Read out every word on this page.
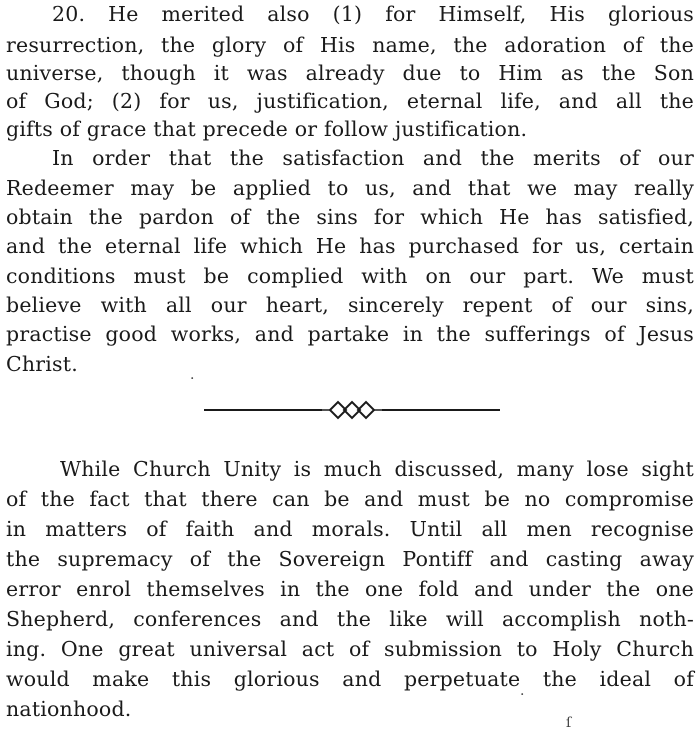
20. He merited also (1) for Himself, His glorious
resurrection, the glory of His name, the adoration of the
universe, though it was already due to Him as the Son
of God; (2) for us, justification, eternal life, and all the
gifts of grace that precede or follow justification.
In order that the satisfaction and the merits of our
Redeemer may be applied to us, and that we may really
obtain the pardon of the sins for which He has satisfied,
and the eternal life which He has purchased for us, certain
conditions must be complied with on our part. We must
believe with all our heart, sincerely repent of our sins,
practise good works, and partake in the sufferings of Jesus
Christ.
While Church Unity is much discussed, many lose sight
of the fact that there can be and must be no compromise
in matters of faith and morals. Until all men recognise
the supremacy of the Sovereign Pontiff and casting away
error enrol themselves in the one fold and under the one
Shepherd, conferences and the like will accomplish noth-
ing. One great universal act of submission to Holy Church
would make this glorious and perpetuate the ideal of
nationhood.
·
·
ſ
